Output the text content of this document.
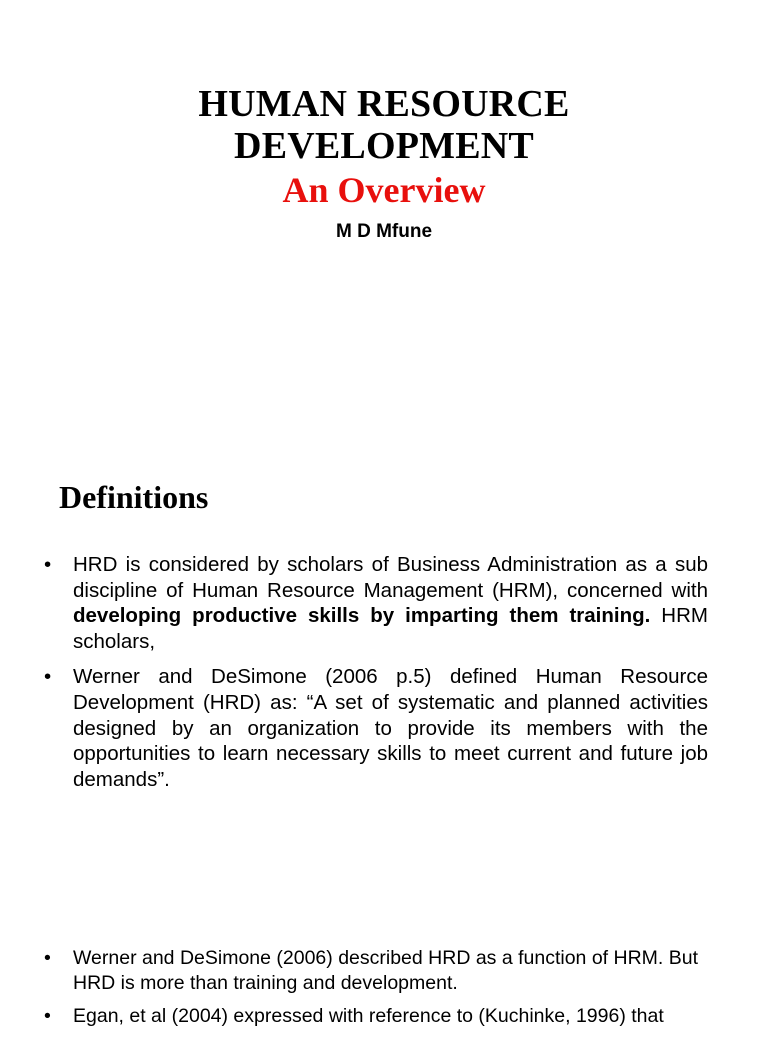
HUMAN RESOURCE

DEVELOPMENT

An Overview

M D Mfune

Definitions
•	HRD is considered by scholars of Business Administration as a sub discipline of Human Resource Management (HRM), concerned with developing productive skills by imparting them training. HRM scholars,
•	Werner and DeSimone (2006 p.5) defined Human Resource Development (HRD) as: “A set of systematic and planned activities designed by an organization to provide its members with the opportunities to learn necessary skills to meet current and future job demands”.
•	Werner and DeSimone (2006) described HRD as a function of HRM. But HRD is more than training and development.
•	Egan, et al (2004) expressed with reference to (Kuchinke, 1996) that
